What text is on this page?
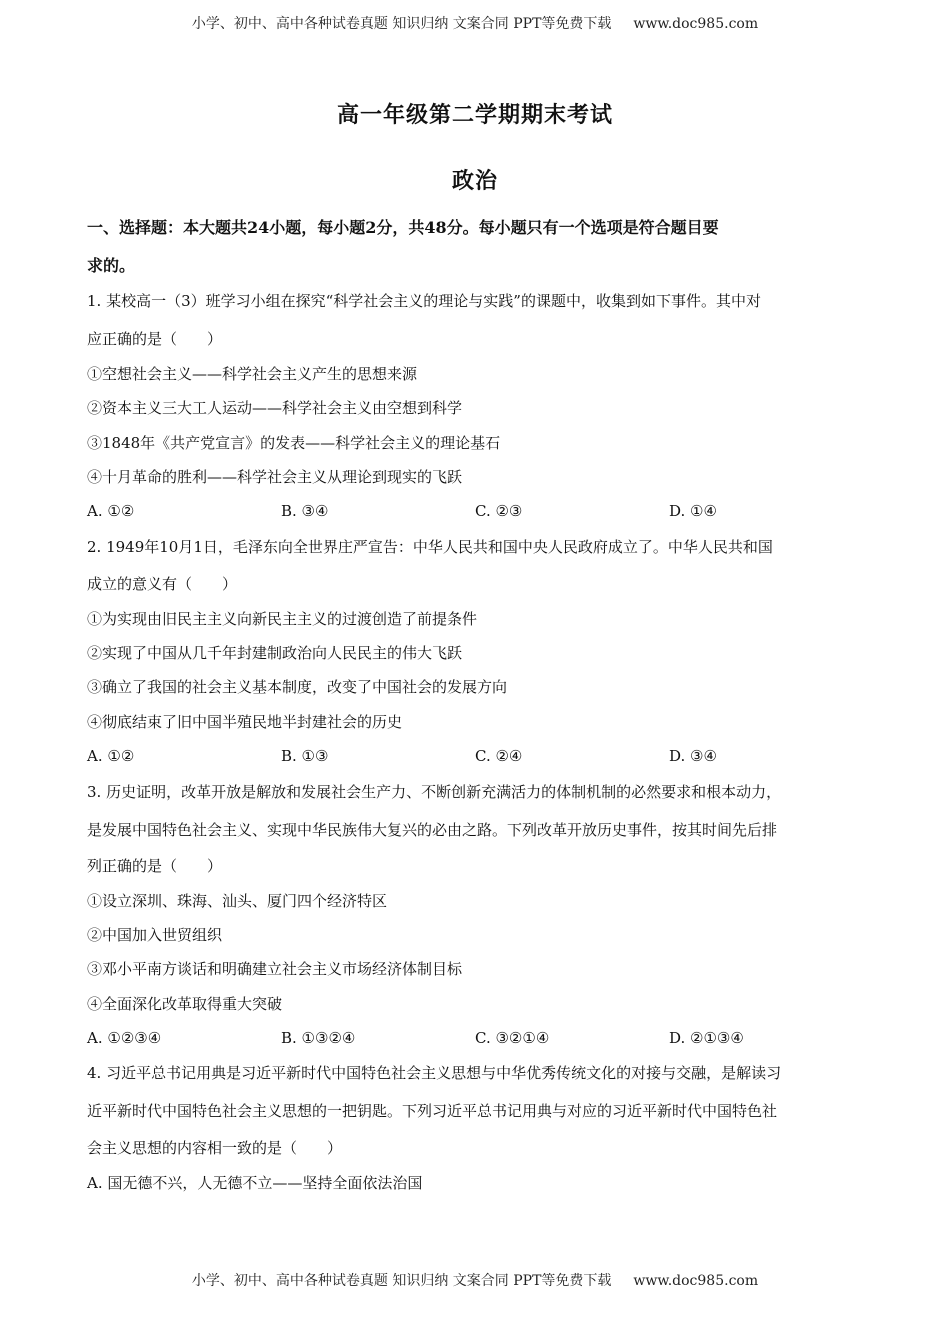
小学、初中、高中各种试卷真题 知识归纳 文案合同 PPT等免费下载 www.doc985.com
高一年级第二学期期末考试
政治
一、选择题：本大题共24小题，每小题2分，共48分。每小题只有一个选项是符合题目要
求的。
1. 某校高一（3）班学习小组在探究“科学社会主义的理论与实践”的课题中，收集到如下事件。其中对
应正确的是（　　）
①空想社会主义——科学社会主义产生的思想来源
②资本主义三大工人运动——科学社会主义由空想到科学
③1848年《共产党宣言》的发表——科学社会主义的理论基石
④十月革命的胜利——科学社会主义从理论到现实的飞跃
A. ①②	B. ③④	C. ②③	D. ①④
2. 1949年10月1日，毛泽东向全世界庄严宣告：中华人民共和国中央人民政府成立了。中华人民共和国
成立的意义有（　　）
①为实现由旧民主主义向新民主主义的过渡创造了前提条件
②实现了中国从几千年封建制政治向人民民主的伟大飞跃
③确立了我国的社会主义基本制度，改变了中国社会的发展方向
④彻底结束了旧中国半殖民地半封建社会的历史
A. ①②	B. ①③	C. ②④	D. ③④
3. 历史证明，改革开放是解放和发展社会生产力、不断创新充满活力的体制机制的必然要求和根本动力，
是发展中国特色社会主义、实现中华民族伟大复兴的必由之路。下列改革开放历史事件，按其时间先后排
列正确的是（　　）
①设立深圳、珠海、汕头、厦门四个经济特区
②中国加入世贸组织
③邓小平南方谈话和明确建立社会主义市场经济体制目标
④全面深化改革取得重大突破
A. ①②③④	B. ①③②④	C. ③②①④	D. ②①③④
4. 习近平总书记用典是习近平新时代中国特色社会主义思想与中华优秀传统文化的对接与交融，是解读习
近平新时代中国特色社会主义思想的一把钥匙。下列习近平总书记用典与对应的习近平新时代中国特色社
会主义思想的内容相一致的是（　　）
A. 国无德不兴，人无德不立——坚持全面依法治国
小学、初中、高中各种试卷真题 知识归纳 文案合同 PPT等免费下载 www.doc985.com
